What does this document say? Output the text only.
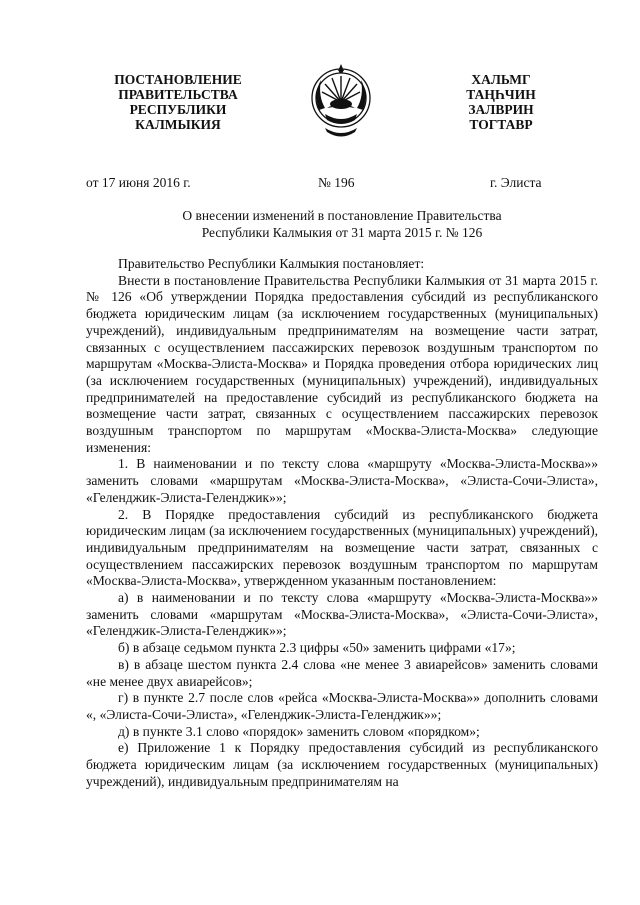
ПОСТАНОВЛЕНИЕ
ПРАВИТЕЛЬСТВА
РЕСПУБЛИКИ
КАЛМЫКИЯ
ХАЛЬМГ
ТАҢҺЧИН
ЗАЛВРИН
ТОГТАВР
от 17 июня 2016 г.	№ 196	г. Элиста
О внесении изменений в постановление Правительства
Республики Калмыкия от 31 марта 2015 г. № 126

Правительство Республики Калмыкия постановляет:

Внести в постановление Правительства Республики Калмыкия от 31 марта 2015 г. № 126 «Об утверждении Порядка предоставления субсидий из республиканского бюджета юридическим лицам (за исключением государственных (муниципальных) учреждений), индивидуальным предпринимателям на возмещение части затрат, связанных с осуществлением пассажирских перевозок воздушным транспортом по маршрутам «Москва-Элиста-Москва» и Порядка проведения отбора юридических лиц (за исключением государственных (муниципальных) учреждений), индивидуальных предпринимателей на предоставление субсидий из республиканского бюджета на возмещение части затрат, связанных с осуществлением пассажирских перевозок воздушным транспортом по маршрутам «Москва-Элиста-Москва» следующие изменения:

1. В наименовании и по тексту слова «маршруту «Москва-Элиста-Москва»» заменить словами «маршрутам «Москва-Элиста-Москва», «Элиста-Сочи-Элиста», «Геленджик-Элиста-Геленджик»»;

2. В Порядке предоставления субсидий из республиканского бюджета юридическим лицам (за исключением государственных (муниципальных) учреждений), индивидуальным предпринимателям на возмещение части затрат, связанных с осуществлением пассажирских перевозок воздушным транспортом по маршрутам «Москва-Элиста-Москва», утвержденном указанным постановлением:

а) в наименовании и по тексту слова «маршруту «Москва-Элиста-Москва»» заменить словами «маршрутам «Москва-Элиста-Москва», «Элиста-Сочи-Элиста», «Геленджик-Элиста-Геленджик»»;

б) в абзаце седьмом пункта 2.3 цифры «50» заменить цифрами «17»;

в) в абзаце шестом пункта 2.4 слова «не менее 3 авиарейсов» заменить словами «не менее двух авиарейсов»;

г) в пункте 2.7 после слов «рейса «Москва-Элиста-Москва»» дополнить словами «, «Элиста-Сочи-Элиста», «Геленджик-Элиста-Геленджик»»;

д) в пункте 3.1 слово «порядок» заменить словом «порядком»;

е) Приложение 1 к Порядку предоставления субсидий из республиканского бюджета юридическим лицам (за исключением государственных (муниципальных) учреждений), индивидуальным предпринимателям на
